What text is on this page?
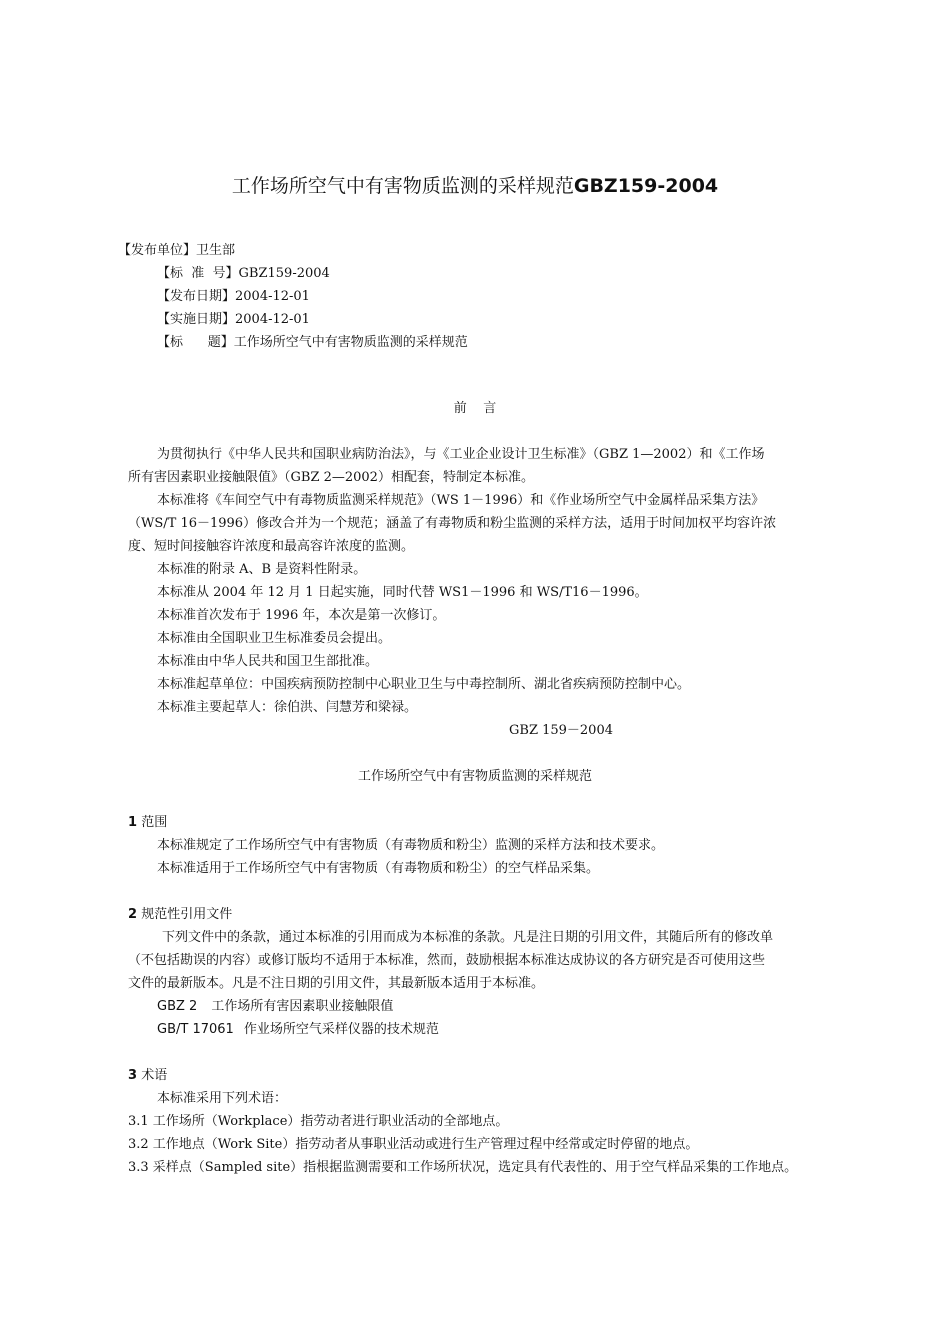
工作场所空气中有害物质监测的采样规范GBZ159-2004
【发布单位】卫生部
【标  准  号】GBZ159-2004
【发布日期】2004-12-01
【实施日期】2004-12-01
【标      题】工作场所空气中有害物质监测的采样规范
前    言
为贯彻执行《中华人民共和国职业病防治法》，与《工业企业设计卫生标准》（GBZ 1—2002）和《工作场
所有害因素职业接触限值》（GBZ 2—2002）相配套，特制定本标准。
本标准将《车间空气中有毒物质监测采样规范》（WS 1－1996）和《作业场所空气中金属样品采集方法》
（WS/T 16－1996）修改合并为一个规范；涵盖了有毒物质和粉尘监测的采样方法，适用于时间加权平均容许浓
度、短时间接触容许浓度和最高容许浓度的监测。
本标准的附录 A、B 是资料性附录。
本标准从 2004 年 12 月 1 日起实施，同时代替 WS1－1996 和 WS/T16－1996。
本标准首次发布于 1996 年，本次是第一次修订。
本标准由全国职业卫生标准委员会提出。
本标准由中华人民共和国卫生部批准。
本标准起草单位：中国疾病预防控制中心职业卫生与中毒控制所、湖北省疾病预防控制中心。
本标准主要起草人：徐伯洪、闫慧芳和梁禄。
GBZ 159－2004
工作场所空气中有害物质监测的采样规范
1 范围
本标准规定了工作场所空气中有害物质（有毒物质和粉尘）监测的采样方法和技术要求。
本标准适用于工作场所空气中有害物质（有毒物质和粉尘）的空气样品采集。
2 规范性引用文件
下列文件中的条款，通过本标准的引用而成为本标准的条款。凡是注日期的引用文件，其随后所有的修改单
（不包括勘误的内容）或修订版均不适用于本标准，然而，鼓励根据本标准达成协议的各方研究是否可使用这些
文件的最新版本。凡是不注日期的引用文件，其最新版本适用于本标准。
GBZ 2 工作场所有害因素职业接触限值
GB/T 17061 作业场所空气采样仪器的技术规范
3 术语
本标准采用下列术语：
3.1 工作场所（Workplace）指劳动者进行职业活动的全部地点。
3.2 工作地点（Work Site）指劳动者从事职业活动或进行生产管理过程中经常或定时停留的地点。
3.3 采样点（Sampled site）指根据监测需要和工作场所状况，选定具有代表性的、用于空气样品采集的工作地点。
